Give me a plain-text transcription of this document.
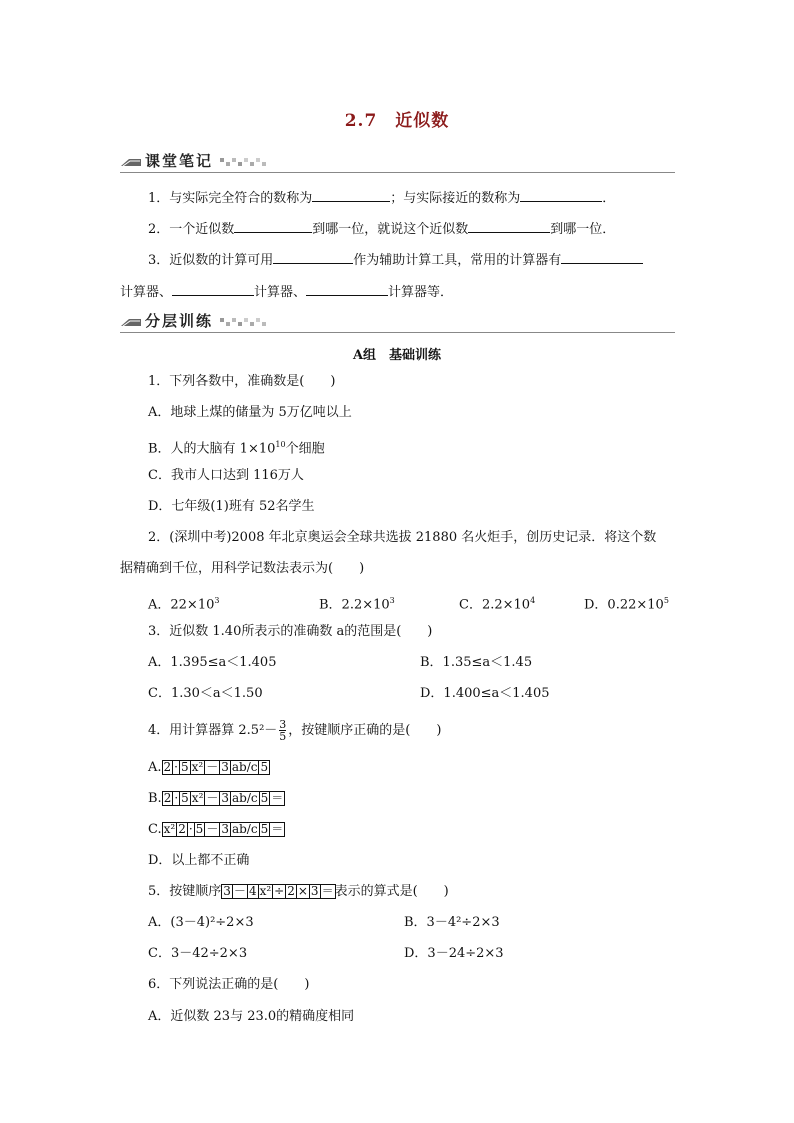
2.7　近似数
课堂笔记
1．与实际完全符合的数称为	；与实际接近的数称为	．
2．一个近似数	到哪一位，就说这个近似数	到哪一位．
3．近似数的计算可用	作为辅助计算工具，常用的计算器有
计算器、	计算器、	计算器等．
分层训练
A组　基础训练
1．下列各数中，准确数是(　　)
A．地球上煤的储量为 5万亿吨以上
B．人的大脑有 $1\times 10^{10}$个细胞
C．我市人口达到 116万人
D．七年级(1)班有 52名学生
2．(深圳中考)2008 年北京奥运会全球共选拔 21880 名火炬手，创历史记录．将这个数
据精确到千位，用科学记数法表示为(　　)
A．$22\times 10^3$	B．$2.2\times 10^3$	C．$2.2\times 10^4$	D．$0.22\times 10^5$
3．近似数 1.40所表示的准确数 a的范围是(　　)
A．1.395≤a＜1.405	B．1.35≤a＜1.45
C．1.30＜a＜1.50	D．1.400≤a＜1.405
4．用计算器算 $2.5^2- \frac{3}{5}$ ，按键顺序正确的是(　　)
A. 2 · 5 x² － 3 ab/c 5
B. 2 · 5 x² － 3 ab/c 5 ＝
C. x² 2 · 5 － 3 ab/c 5 ＝
D．以上都不正确
5．按键顺序 3 － 4 x² ÷ 2 × 3 ＝表示的算式是(　　)
A．(3－4)²÷2×3	B．3－4²÷2×3
C．3－42÷2×3	D．3－24÷2×3
6．下列说法正确的是(　　)
A．近似数 23与 23.0的精确度相同
